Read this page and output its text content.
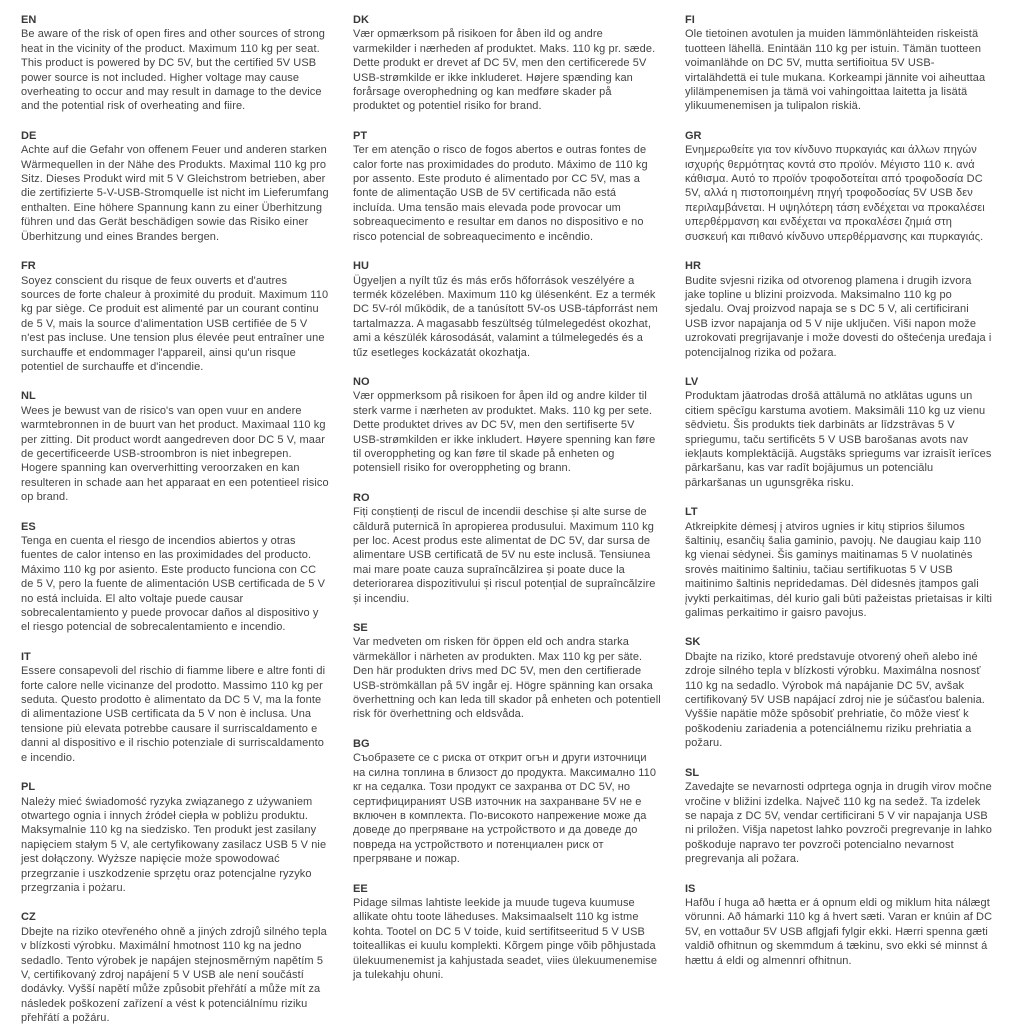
EN
Be aware of the risk of open fires and other sources of strong heat in the vicinity of the product. Maximum 110 kg per seat. This product is powered by DC 5V, but the certified 5V USB power source is not included. Higher voltage may cause overheating to occur and may result in damage to the device and the potential risk of overheating and fiire.
DE
Achte auf die Gefahr von offenem Feuer und anderen starken Wärmequellen in der Nähe des Produkts. Maximal 110 kg pro Sitz. Dieses Produkt wird mit 5 V Gleichstrom betrieben, aber die zertifizierte 5-V-USB-Stromquelle ist nicht im Lieferumfang enthalten. Eine höhere Spannung kann zu einer Überhitzung führen und das Gerät beschädigen sowie das Risiko einer Überhitzung und eines Brandes bergen.
FR
Soyez conscient du risque de feux ouverts et d'autres sources de forte chaleur à proximité du produit. Maximum 110 kg par siège. Ce produit est alimenté par un courant continu de 5 V, mais la source d'alimentation USB certifiée de 5 V n'est pas incluse. Une tension plus élevée peut entraîner une surchauffe et endommager l'appareil, ainsi qu'un risque potentiel de surchauffe et d'incendie.
NL
Wees je bewust van de risico's van open vuur en andere warmtebronnen in de buurt van het product. Maximaal 110 kg per zitting. Dit product wordt aangedreven door DC 5 V, maar de gecertificeerde USB-stroombron is niet inbegrepen. Hogere spanning kan oververhitting veroorzaken en kan resulteren in schade aan het apparaat en een potentieel risico op brand.
ES
Tenga en cuenta el riesgo de incendios abiertos y otras fuentes de calor intenso en las proximidades del producto. Máximo 110 kg por asiento. Este producto funciona con CC de 5 V, pero la fuente de alimentación USB certificada de 5 V no está incluida. El alto voltaje puede causar sobrecalentamiento y puede provocar daños al dispositivo y el riesgo potencial de sobrecalentamiento e incendio.
IT
Essere consapevoli del rischio di fiamme libere e altre fonti di forte calore nelle vicinanze del prodotto. Massimo 110 kg per seduta. Questo prodotto è alimentato da DC 5 V, ma la fonte di alimentazione USB certificata da 5 V non è inclusa. Una tensione più elevata potrebbe causare il surriscaldamento e danni al dispositivo e il rischio potenziale di surriscaldamento e incendio.
PL
Należy mieć świadomość ryzyka związanego z używaniem otwartego ognia i innych źródeł ciepła w pobliżu produktu. Maksymalnie 110 kg na siedzisko. Ten produkt jest zasilany napięciem stałym 5 V, ale certyfikowany zasilacz USB 5 V nie jest dołączony. Wyższe napięcie może spowodować przegrzanie i uszkodzenie sprzętu oraz potencjalne ryzyko przegrzania i pożaru.
CZ
Dbejte na riziko otevřeného ohně a jiných zdrojů silného tepla v blízkosti výrobku. Maximální hmotnost 110 kg na jedno sedadlo. Tento výrobek je napájen stejnosměrným napětím 5 V, certifikovaný zdroj napájení 5 V USB ale není součástí dodávky. Vyšší napětí může způsobit přehřátí a může mít za následek poškození zařízení a vést k potenciálnímu riziku přehřátí a požáru.
DK
Vær opmærksom på risikoen for åben ild og andre varmekilder i nærheden af produktet. Maks. 110 kg pr. sæde. Dette produkt er drevet af DC 5V, men den certificerede 5V USB-strømkilde er ikke inkluderet. Højere spænding kan forårsage overophedning og kan medføre skader på produktet og potentiel risiko for brand.
PT
Ter em atenção o risco de fogos abertos e outras fontes de calor forte nas proximidades do produto. Máximo de 110 kg por assento. Este produto é alimentado por CC 5V, mas a fonte de alimentação USB de 5V certificada não está incluída. Uma tensão mais elevada pode provocar um sobreaquecimento e resultar em danos no dispositivo e no risco potencial de sobreaquecimento e incêndio.
HU
Ügyeljen a nyílt tűz és más erős hőforrások veszélyére a termék közelében. Maximum 110 kg ülésenként. Ez a termék DC 5V-ról működik, de a tanúsított 5V-os USB-tápforrást nem tartalmazza. A magasabb feszültség túlmelegedést okozhat, ami a készülék károsodását, valamint a túlmelegedés és a tűz esetleges kockázatát okozhatja.
NO
Vær oppmerksom på risikoen for åpen ild og andre kilder til sterk varme i nærheten av produktet. Maks. 110 kg per sete. Dette produktet drives av DC 5V, men den sertifiserte 5V USB-strømkilden er ikke inkludert. Høyere spenning kan føre til overoppheting og kan føre til skade på enheten og potensiell risiko for overoppheting og brann.
RO
Fiți conștienți de riscul de incendii deschise și alte surse de căldură puternică în apropierea produsului. Maximum 110 kg per loc. Acest produs este alimentat de DC 5V, dar sursa de alimentare USB certificată de 5V nu este inclusă. Tensiunea mai mare poate cauza supraîncălzirea și poate duce la deteriorarea dispozitivului și riscul potențial de supraîncălzire și incendiu.
SE
Var medveten om risken för öppen eld och andra starka värmekällor i närheten av produkten. Max 110 kg per säte. Den här produkten drivs med DC 5V, men den certifierade USB-strömkällan på 5V ingår ej. Högre spänning kan orsaka överhettning och kan leda till skador på enheten och potentiell risk för överhettning och eldsvåda.
BG
Съобразете се с риска от открит огън и други източници на силна топлина в близост до продукта. Максимално 110 кг на седалка. Този продукт се захранва от DC 5V, но сертифицираният USB източник на захранване 5V не е включен в комплекта. По-високото напрежение може да доведе до прегряване на устройството и да доведе до повреда на устройството и потенциален риск от прегряване и пожар.
EE
Pidage silmas lahtiste leekide ja muude tugeva kuumuse allikate ohtu toote läheduses. Maksimaalselt 110 kg istme kohta. Tootel on DC 5 V toide, kuid sertifitseeritud 5 V USB toiteallikas ei kuulu komplekti. Kõrgem pinge võib põhjustada ülekuumenemist ja kahjustada seadet, viies ülekuumenemise ja tulekahju ohuni.
FI
Ole tietoinen avotulen ja muiden lämmönlähteiden riskeistä tuotteen lähellä. Enintään 110 kg per istuin. Tämän tuotteen voimanlähde on DC 5V, mutta sertifioitua 5V USB-virtalähdettä ei tule mukana. Korkeampi jännite voi aiheuttaa ylilämpenemisen ja tämä voi vahingoittaa laitetta ja lisätä ylikuumenemisen ja tulipalon riskiä.
GR
Ενημερωθείτε για τον κίνδυνο πυρκαγιάς και άλλων πηγών ισχυρής θερμότητας κοντά στο προϊόν. Μέγιστο 110 κ. ανά κάθισμα. Αυτό το προϊόν τροφοδοτείται από τροφοδοσία DC 5V, αλλά η πιστοποιημένη πηγή τροφοδοσίας 5V USB δεν περιλαμβάνεται. Η υψηλότερη τάση ενδέχεται να προκαλέσει υπερθέρμανση και ενδέχεται να προκαλέσει ζημιά στη συσκευή και πιθανό κίνδυνο υπερθέρμανσης και πυρκαγιάς.
HR
Budite svjesni rizika od otvorenog plamena i drugih izvora jake topline u blizini proizvoda. Maksimalno 110 kg po sjedalu. Ovaj proizvod napaja se s DC 5 V, ali certificirani USB izvor napajanja od 5 V nije uključen. Viši napon može uzrokovati pregrijavanje i može dovesti do oštećenja uređaja i potencijalnog rizika od požara.
LV
Produktam jāatrodas drošā attālumā no atklātas uguns un citiem spēcīgu karstuma avotiem. Maksimāli 110 kg uz vienu sēdvietu. Šis produkts tiek darbināts ar līdzstrāvas 5 V spriegumu, taču sertificēts 5 V USB barošanas avots nav iekļauts komplektācijā. Augstāks spriegums var izraisīt ierīces pārkaršanu, kas var radīt bojājumus un potenciālu pārkaršanas un ugunsgrēka risku.
LT
Atkreipkite dėmesį į atviros ugnies ir kitų stiprios šilumos šaltinių, esančių šalia gaminio, pavojų. Ne daugiau kaip 110 kg vienai sėdynei. Šis gaminys maitinamas 5 V nuolatinės srovės maitinimo šaltiniu, tačiau sertifikuotas 5 V USB maitinimo šaltinis nepridedamas. Dėl didesnės įtampos gali įvykti perkaitimas, dėl kurio gali būti pažeistas prietaisas ir kilti galimas perkaitimo ir gaisro pavojus.
SK
Dbajte na riziko, ktoré predstavuje otvorený oheň alebo iné zdroje silného tepla v blízkosti výrobku. Maximálna nosnosť 110 kg na sedadlo. Výrobok má napájanie DC 5V, avšak certifikovaný 5V USB napájací zdroj nie je súčasťou balenia. Vyššie napätie môže spôsobiť prehriatie, čo môže viesť k poškodeniu zariadenia a potenciálnemu riziku prehriatia a požaru.
SL
Zavedajte se nevarnosti odprtega ognja in drugih virov močne vročine v bližini izdelka. Največ 110 kg na sedež. Ta izdelek se napaja z DC 5V, vendar certificirani 5 V vir napajanja USB ni priložen. Višja napetost lahko povzroči pregrevanje in lahko poškoduje napravo ter povzroči potencialno nevarnost pregrevanja ali požara.
IS
Hafðu í huga að hætta er á opnum eldi og miklum hita nálægt vörunni. Að hámarki 110 kg á hvert sæti. Varan er knúin af DC 5V, en vottaður 5V USB aflgjafi fylgir ekki. Hærri spenna gæti valdið ofhitnun og skemmdum á tækinu, svo ekki sé minnst á hættu á eldi og almennri ofhitnun.
